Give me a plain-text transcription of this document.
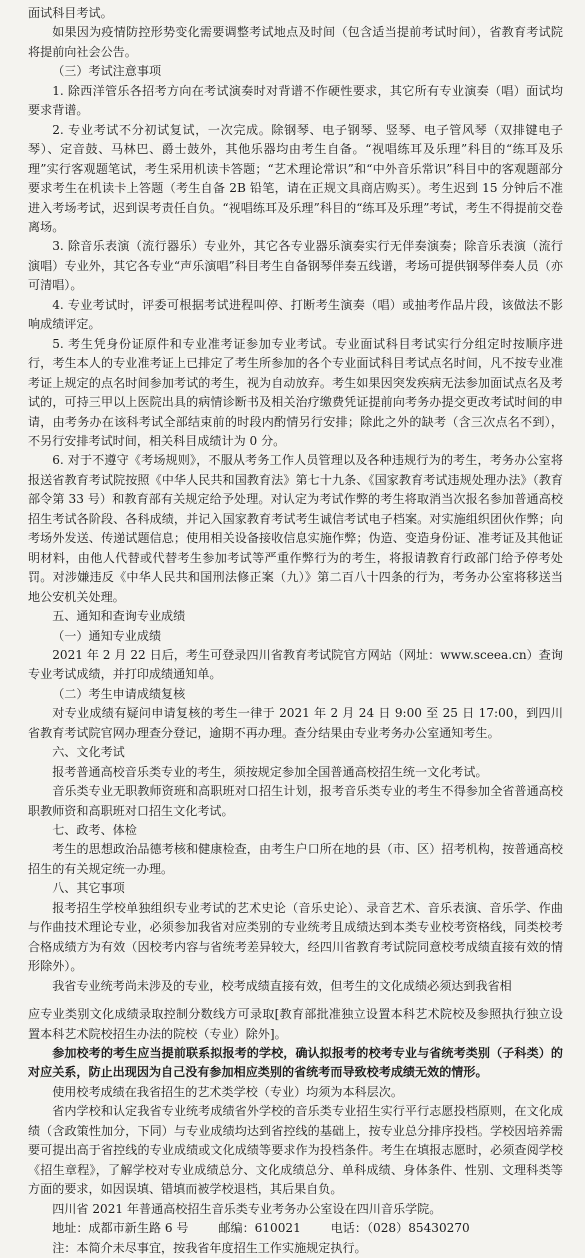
面试科目考试。

如果因为疫情防控形势变化需要调整考试地点及时间（包含适当提前考试时间），省教育考试院将提前向社会公告。

（三）考试注意事项

1. 除西洋管乐各招考方向在考试演奏时对背谱不作硬性要求，其它所有专业演奏（唱）面试均要求背谱。

2. 专业考试不分初试复试，一次完成。除钢琴、电子钢琴、竖琴、电子管风琴（双排键电子琴）、定音鼓、马林巴、爵士鼓外，其他乐器均由考生自备。“视唱练耳及乐理”科目的“练耳及乐理”实行客观题笔试，考生采用机读卡答题；“艺术理论常识”和“中外音乐常识”科目中的客观题部分要求考生在机读卡上答题（考生自备 2B 铅笔，请在正规文具商店购买）。考生迟到 15 分钟后不准进入考场考试，迟到误考责任自负。“视唱练耳及乐理”科目的“练耳及乐理”考试，考生不得提前交卷离场。

3. 除音乐表演（流行器乐）专业外，其它各专业器乐演奏实行无伴奏演奏；除音乐表演（流行演唱）专业外，其它各专业“声乐演唱”科目考生自备钢琴伴奏五线谱，考场可提供钢琴伴奏人员（亦可清唱）。

4. 专业考试时，评委可根据考试进程叫停、打断考生演奏（唱）或抽考作品片段，该做法不影响成绩评定。

5. 考生凭身份证原件和专业准考证参加专业考试。专业面试科目考试实行分组定时按顺序进行，考生本人的专业准考证上已排定了考生所参加的各个专业面试科目考试点名时间，凡不按专业准考证上规定的点名时间参加考试的考生，视为自动放弃。考生如果因突发疾病无法参加面试点名及考试的，可持三甲以上医院出具的病情诊断书及相关治疗缴费凭证提前向考务办提交更改考试时间的申请，由考务办在该科考试全部结束前的时段内酌情另行安排；除此之外的缺考（含三次点名不到），不另行安排考试时间，相关科目成绩计为 0 分。

6. 对于不遵守《考场规则》，不服从考务工作人员管理以及各种违规行为的考生，考务办公室将报送省教育考试院按照《中华人民共和国教育法》第七十九条、《国家教育考试违规处理办法》（教育部令第 33 号）和教育部有关规定给予处理。对认定为考试作弊的考生将取消当次报名参加普通高校招生考试各阶段、各科成绩，并记入国家教育考试考生诚信考试电子档案。对实施组织团伙作弊；向考场外发送、传递试题信息；使用相关设备接收信息实施作弊；伪造、变造身份证、准考证及其他证明材料，由他人代替或代替考生参加考试等严重作弊行为的考生，将报请教育行政部门给予停考处罚。对涉嫌违反《中华人民共和国刑法修正案（九）》第二百八十四条的行为，考务办公室将移送当地公安机关处理。

五、通知和查询专业成绩

（一）通知专业成绩

2021 年 2 月 22 日后，考生可登录四川省教育考试院官方网站（网址：www.sceea.cn）查询专业考试成绩，并打印成绩通知单。

（二）考生申请成绩复核

对专业成绩有疑问申请复核的考生一律于 2021 年 2 月 24 日 9:00 至 25 日 17:00，到四川省教育考试院官网办理查分登记，逾期不再办理。查分结果由专业考务办公室通知考生。

六、文化考试

报考普通高校音乐类专业的考生，须按规定参加全国普通高校招生统一文化考试。

音乐类专业无职教师资班和高职班对口招生计划，报考音乐类专业的考生不得参加全省普通高校职教师资和高职班对口招生文化考试。

七、政考、体检

考生的思想政治品德考核和健康检查，由考生户口所在地的县（市、区）招考机构，按普通高校招生的有关规定统一办理。

八、其它事项

报考招生学校单独组织专业考试的艺术史论（音乐史论）、录音艺术、音乐表演、音乐学、作曲与作曲技术理论专业，必须参加我省对应类别的专业统考且成绩达到本类专业校考资格线，同类校考合格成绩方为有效（因校考内容与省统考差异较大，经四川省教育考试院同意校考成绩直接有效的情形除外）。

我省专业统考尚未涉及的专业，校考成绩直接有效，但考生的文化成绩必须达到我省相

应专业类别文化成绩录取控制分数线方可录取[教育部批准独立设置本科艺术院校及参照执行独立设置本科艺术院校招生办法的院校（专业）除外]。

参加校考的考生应当提前联系拟报考的学校，确认拟报考的校考专业与省统考类别（子科类）的对应关系，防止出现因为自己没有参加相应类别的省统考而导致校考成绩无效的情形。

使用校考成绩在我省招生的艺术类学校（专业）均须为本科层次。

省内学校和认定我省专业统考成绩省外学校的音乐类专业招生实行平行志愿投档原则，在文化成绩（含政策性加分，下同）与专业成绩均达到省控线的基础上，按专业总分排序投档。学校因培养需要可提出高于省控线的专业成绩或文化成绩等要求作为投档条件。考生在填报志愿时，必须查阅学校《招生章程》，了解学校对专业成绩总分、文化成绩总分、单科成绩、身体条件、性别、文理科类等方面的要求，如因误填、错填而被学校退档，其后果自负。

四川省 2021 年普通高校招生音乐类专业考务办公室设在四川音乐学院。

地址：成都市新生路 6 号 邮编：610021 电话：（028）85430270

注：本简介未尽事宜，按我省年度招生工作实施规定执行。
